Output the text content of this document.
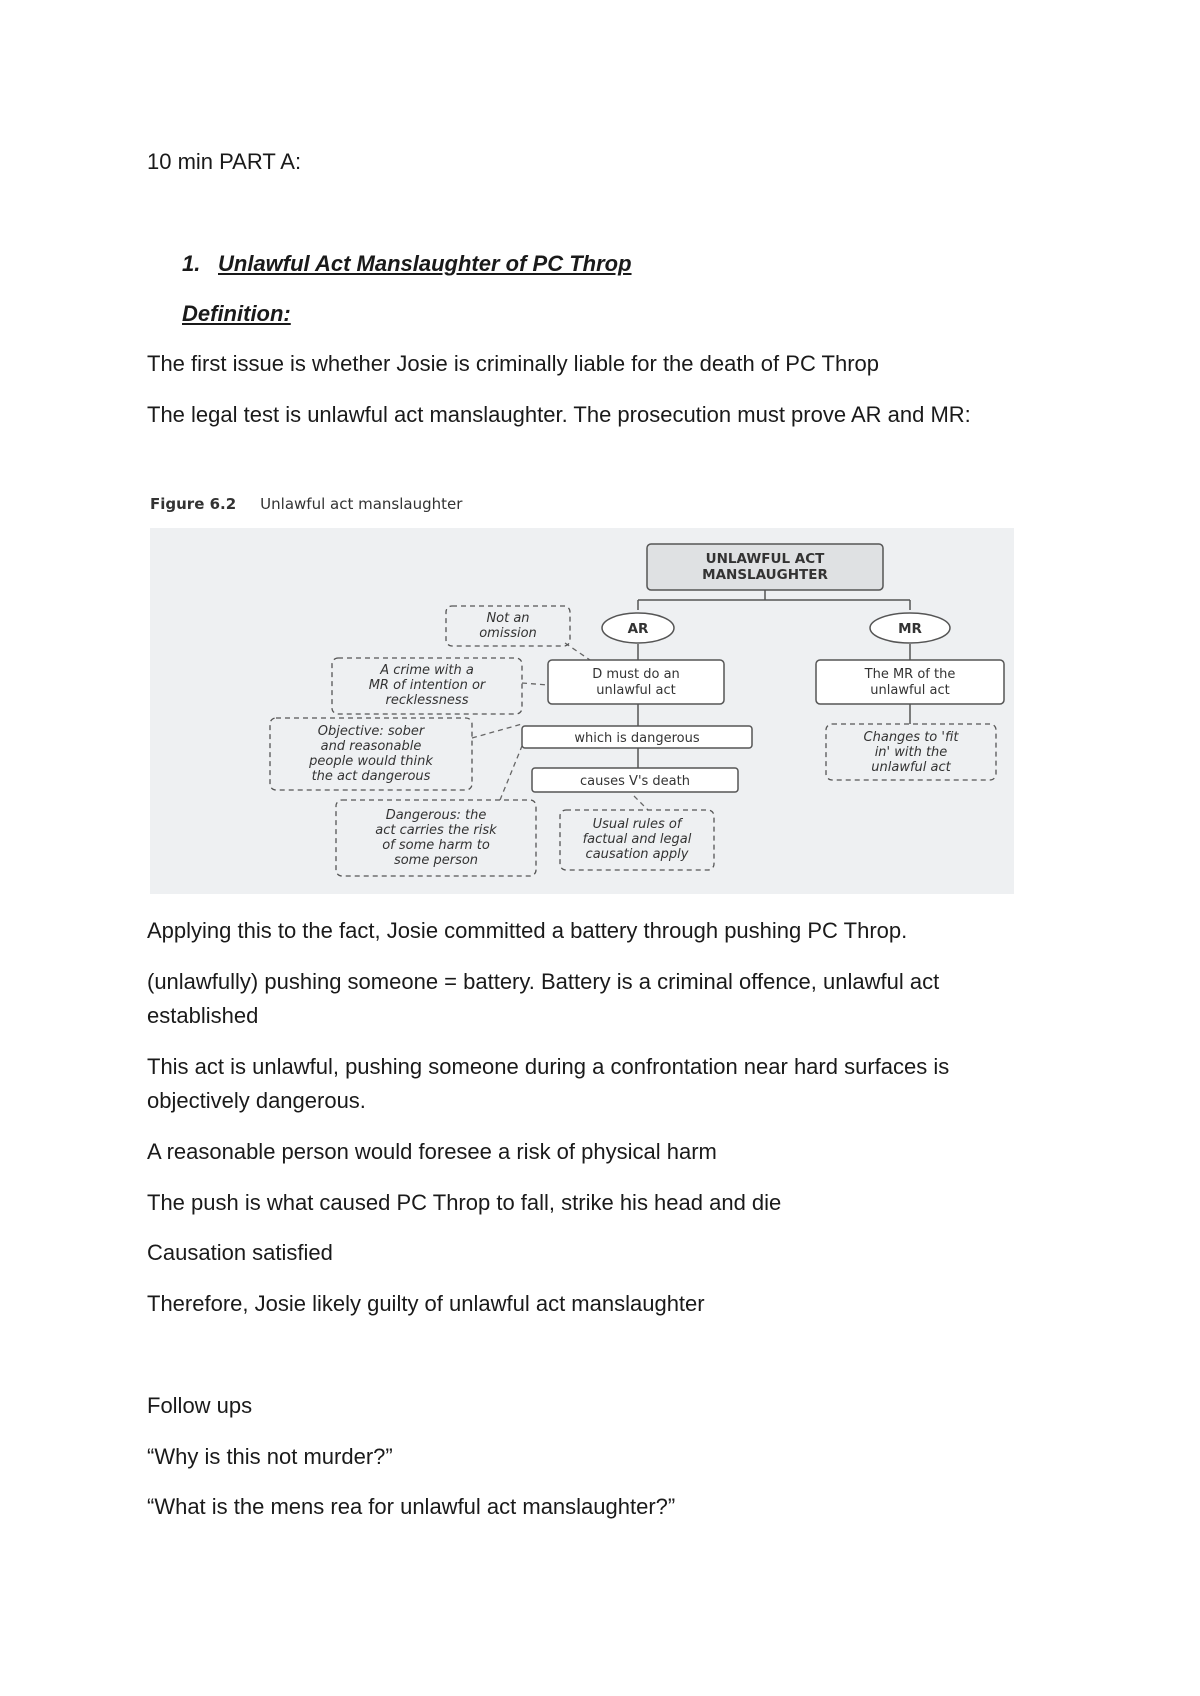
10 min PART A:
1. Unlawful Act Manslaughter of PC Throp
Definition:
The first issue is whether Josie is criminally liable for the death of PC Throp
The legal test is unlawful act manslaughter. The prosecution must prove AR and MR:
Figure 6.2 Unlawful act manslaughter
UNLAWFUL ACT
MANSLAUGHTER
AR	MR
Not an
omission
A crime with a
MR of intention or
recklessness
D must do an
unlawful act
which is dangerous
causes V's death
Objective: sober
and reasonable
people would think
the act dangerous
Dangerous: the
act carries the risk
of some harm to
some person
Usual rules of
factual and legal
causation apply
The MR of the
unlawful act
Changes to 'fit
in' with the
unlawful act
Applying this to the fact, Josie committed a battery through pushing PC Throp.
(unlawfully) pushing someone = battery. Battery is a criminal offence, unlawful act established
This act is unlawful, pushing someone during a confrontation near hard surfaces is objectively dangerous.
A reasonable person would foresee a risk of physical harm
The push is what caused PC Throp to fall, strike his head and die
Causation satisfied
Therefore, Josie likely guilty of unlawful act manslaughter
Follow ups
“Why is this not murder?”
“What is the mens rea for unlawful act manslaughter?”
